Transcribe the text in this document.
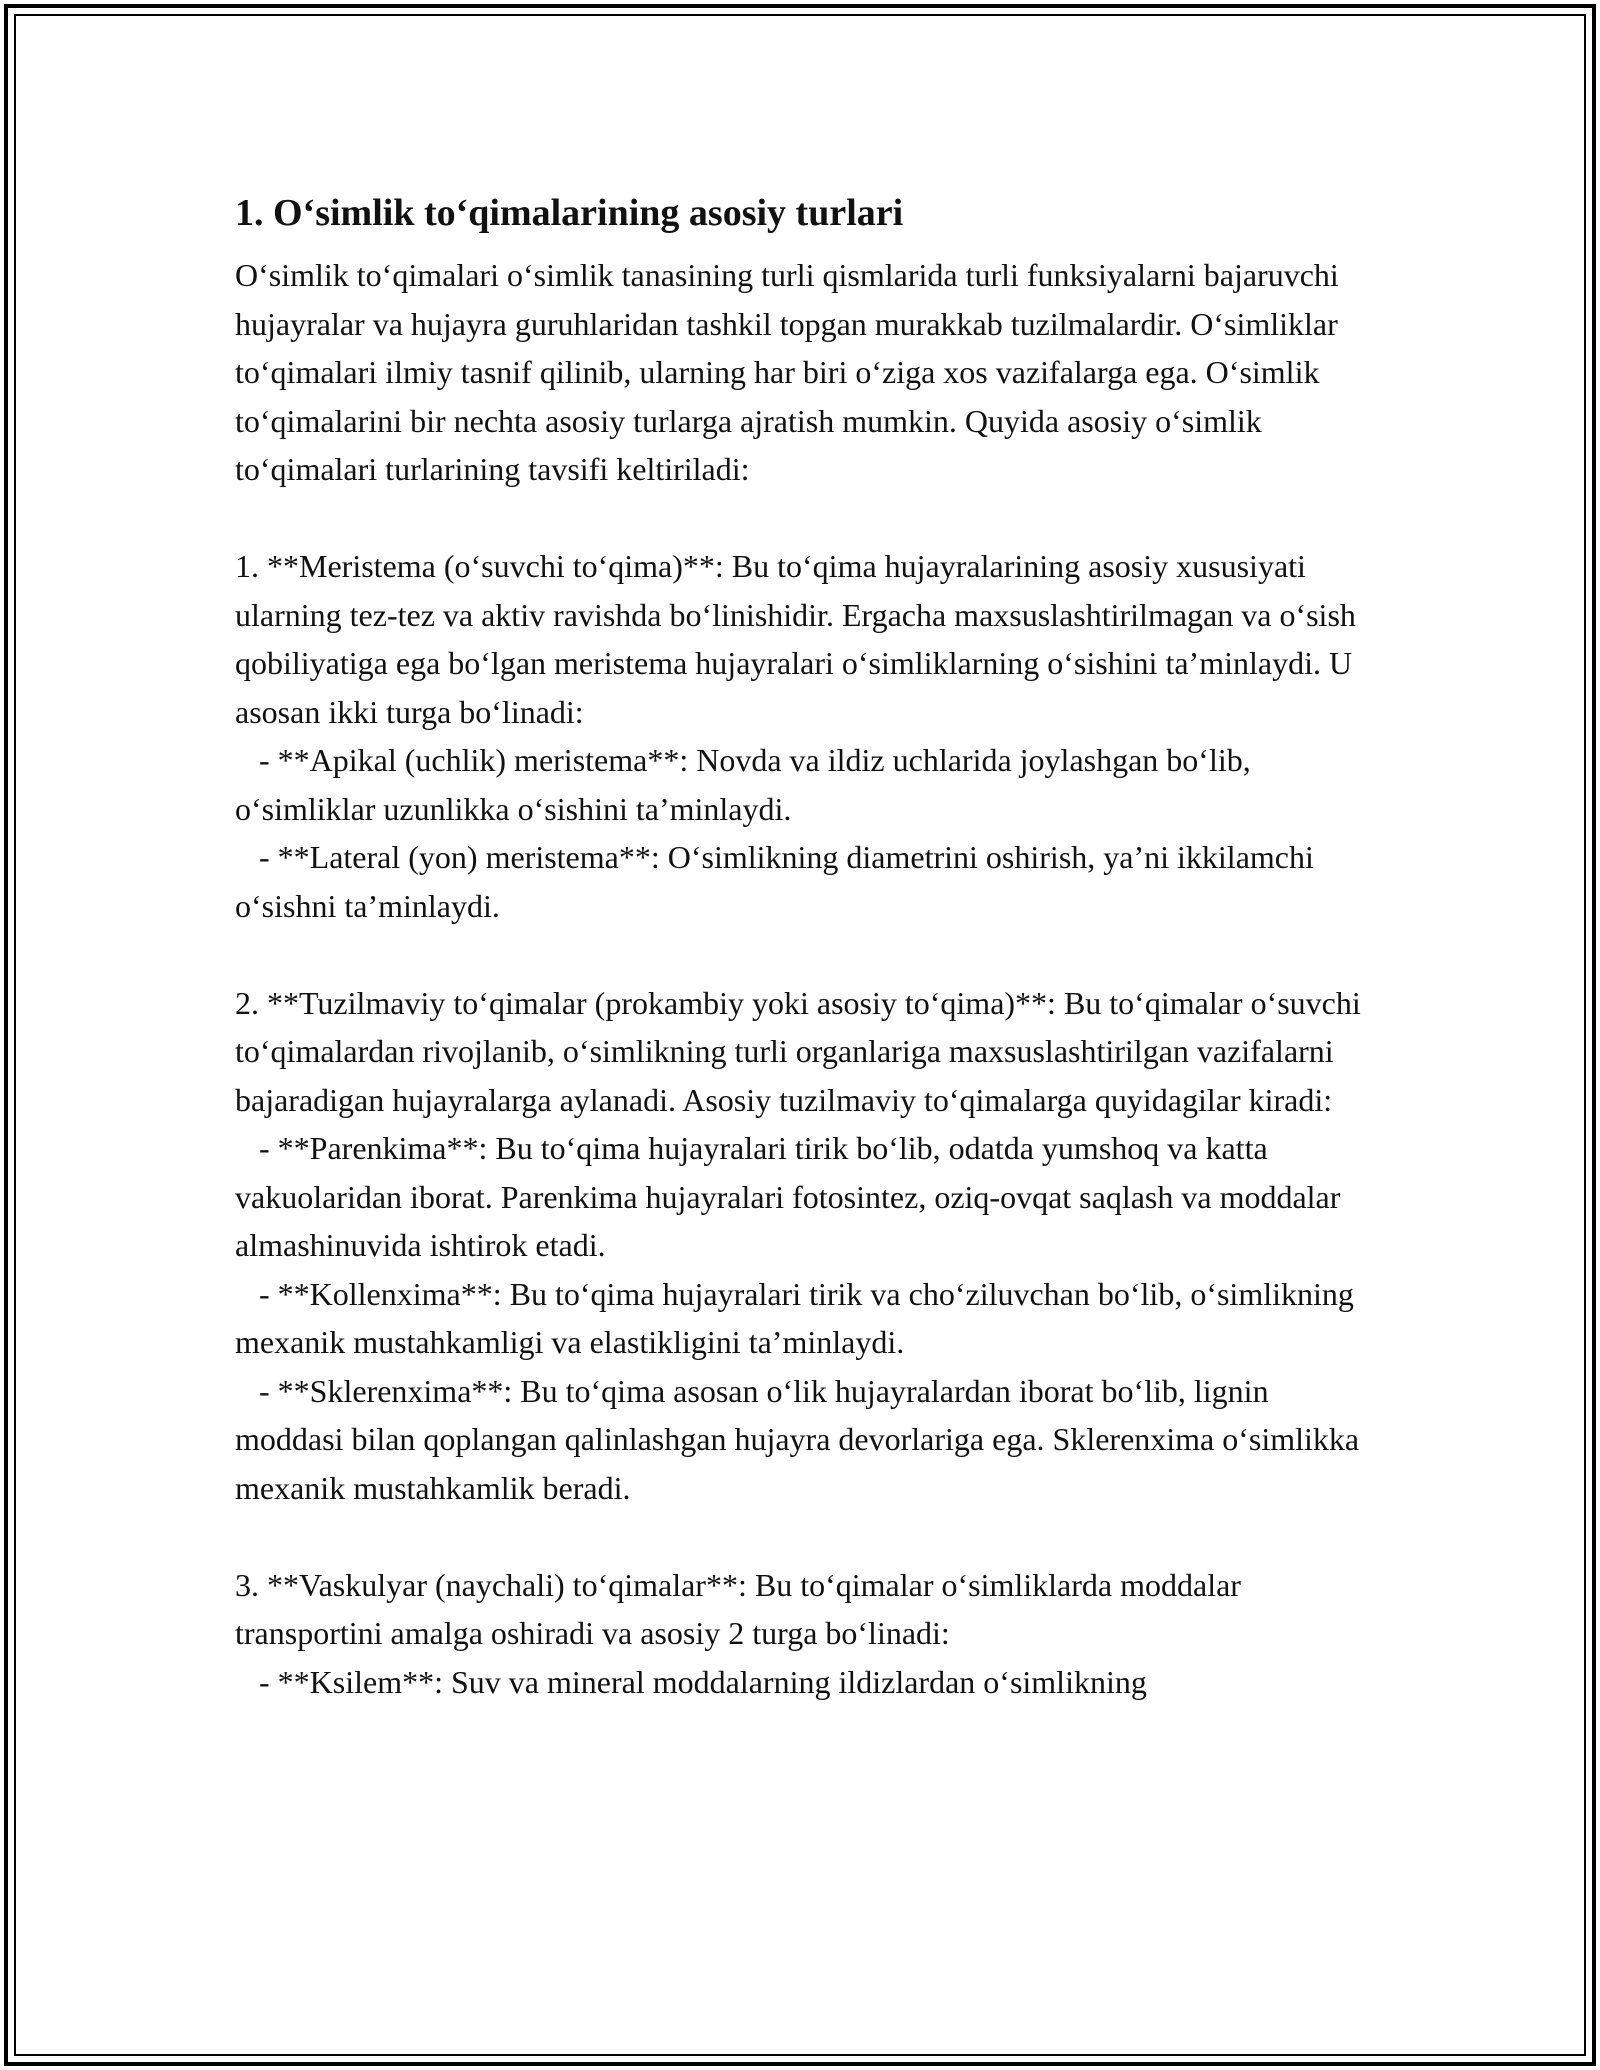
1. O‘simlik to‘qimalarining asosiy turlari

O‘simlik to‘qimalari o‘simlik tanasining turli qismlarida turli funksiyalarni bajaruvchi hujayralar va hujayra guruhlaridan tashkil topgan murakkab tuzilmalardir. O‘simliklar to‘qimalari ilmiy tasnif qilinib, ularning har biri o‘ziga xos vazifalarga ega. O‘simlik to‘qimalarini bir nechta asosiy turlarga ajratish mumkin. Quyida asosiy o‘simlik to‘qimalari turlarining tavsifi keltiriladi:

1. **Meristema (o‘suvchi to‘qima)**: Bu to‘qima hujayralarining asosiy xususiyati ularning tez-tez va aktiv ravishda bo‘linishidir. Ergacha maxsuslashtirilmagan va o‘sish qobiliyatiga ega bo‘lgan meristema hujayralari o‘simliklarning o‘sishini ta’minlaydi. U asosan ikki turga bo‘linadi:

- **Apikal (uchlik) meristema**: Novda va ildiz uchlarida joylashgan bo‘lib, o‘simliklar uzunlikka o‘sishini ta’minlaydi.

- **Lateral (yon) meristema**: O‘simlikning diametrini oshirish, ya’ni ikkilamchi o‘sishni ta’minlaydi.

2. **Tuzilmaviy to‘qimalar (prokambiy yoki asosiy to‘qima)**: Bu to‘qimalar o‘suvchi to‘qimalardan rivojlanib, o‘simlikning turli organlariga maxsuslashtirilgan vazifalarni bajaradigan hujayralarga aylanadi. Asosiy tuzilmaviy to‘qimalarga quyidagilar kiradi:

- **Parenkima**: Bu to‘qima hujayralari tirik bo‘lib, odatda yumshoq va katta vakuolaridan iborat. Parenkima hujayralari fotosintez, oziq-ovqat saqlash va moddalar almashinuvida ishtirok etadi.

- **Kollenxima**: Bu to‘qima hujayralari tirik va cho‘ziluvchan bo‘lib, o‘simlikning mexanik mustahkamligi va elastikligini ta’minlaydi.

- **Sklerenxima**: Bu to‘qima asosan o‘lik hujayralardan iborat bo‘lib, lignin moddasi bilan qoplangan qalinlashgan hujayra devorlariga ega. Sklerenxima o‘simlikka mexanik mustahkamlik beradi.

3. **Vaskulyar (naychali) to‘qimalar**: Bu to‘qimalar o‘simliklarda moddalar transportini amalga oshiradi va asosiy 2 turga bo‘linadi:

- **Ksilem**: Suv va mineral moddalarning ildizlardan o‘simlikning
